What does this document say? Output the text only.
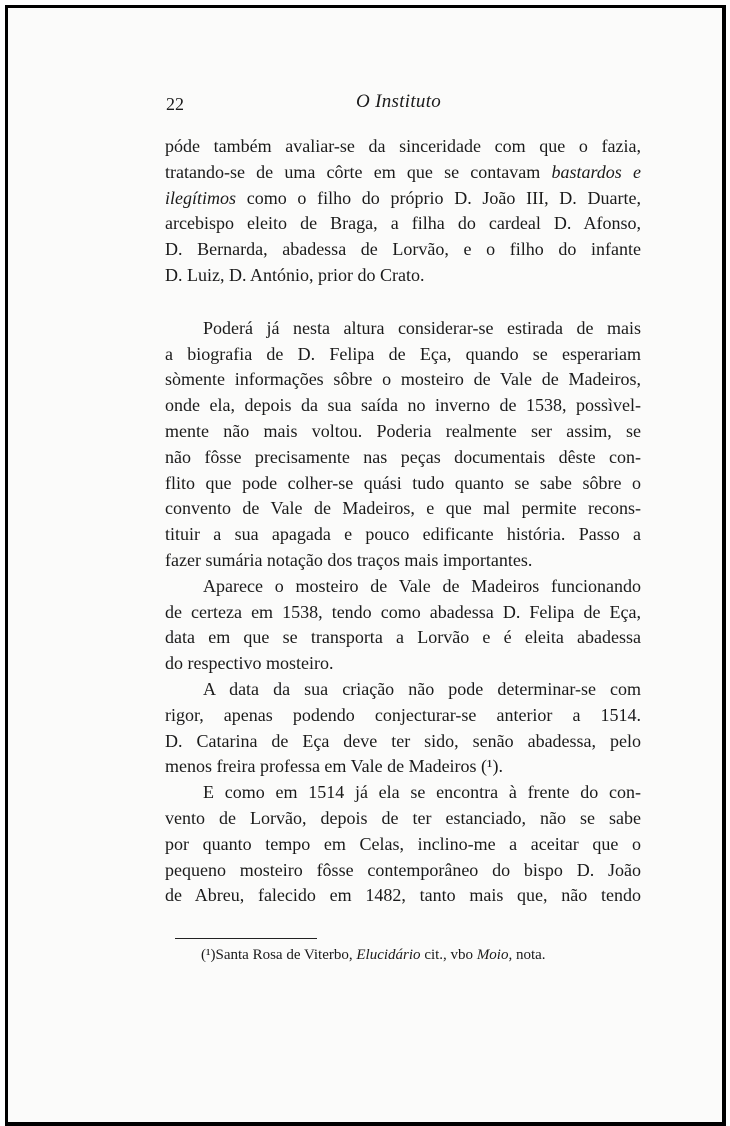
22	O Instituto

póde também avaliar-se da sinceridade com que o fazia,
tratando-se de uma côrte em que se contavam bastardos e
ilegítimos como o filho do próprio D. João III, D. Duarte,
arcebispo eleito de Braga, a filha do cardeal D. Afonso,
D. Bernarda, abadessa de Lorvão, e o filho do infante
D. Luiz, D. António, prior do Crato.

Poderá já nesta altura considerar-se estirada de mais
a biografia de D. Felipa de Eça, quando se esperariam
sòmente informações sôbre o mosteiro de Vale de Madeiros,
onde ela, depois da sua saída no inverno de 1538, possìvel-
mente não mais voltou. Poderia realmente ser assim, se
não fôsse precisamente nas peças documentais dêste con-
flito que pode colher-se quási tudo quanto se sabe sôbre o
convento de Vale de Madeiros, e que mal permite recons-
tituir a sua apagada e pouco edificante história. Passo a
fazer sumária notação dos traços mais importantes.

Aparece o mosteiro de Vale de Madeiros funcionando
de certeza em 1538, tendo como abadessa D. Felipa de Eça,
data em que se transporta a Lorvão e é eleita abadessa
do respectivo mosteiro.

A data da sua criação não pode determinar-se com
rigor, apenas podendo conjecturar-se anterior a 1514.
D. Catarina de Eça deve ter sido, senão abadessa, pelo
menos freira professa em Vale de Madeiros (¹).

E como em 1514 já ela se encontra à frente do con-
vento de Lorvão, depois de ter estanciado, não se sabe
por quanto tempo em Celas, inclino-me a aceitar que o
pequeno mosteiro fôsse contemporâneo do bispo D. João
de Abreu, falecido em 1482, tanto mais que, não tendo

(¹)Santa Rosa de Viterbo, Elucidário cit., vbo Moio, nota.
